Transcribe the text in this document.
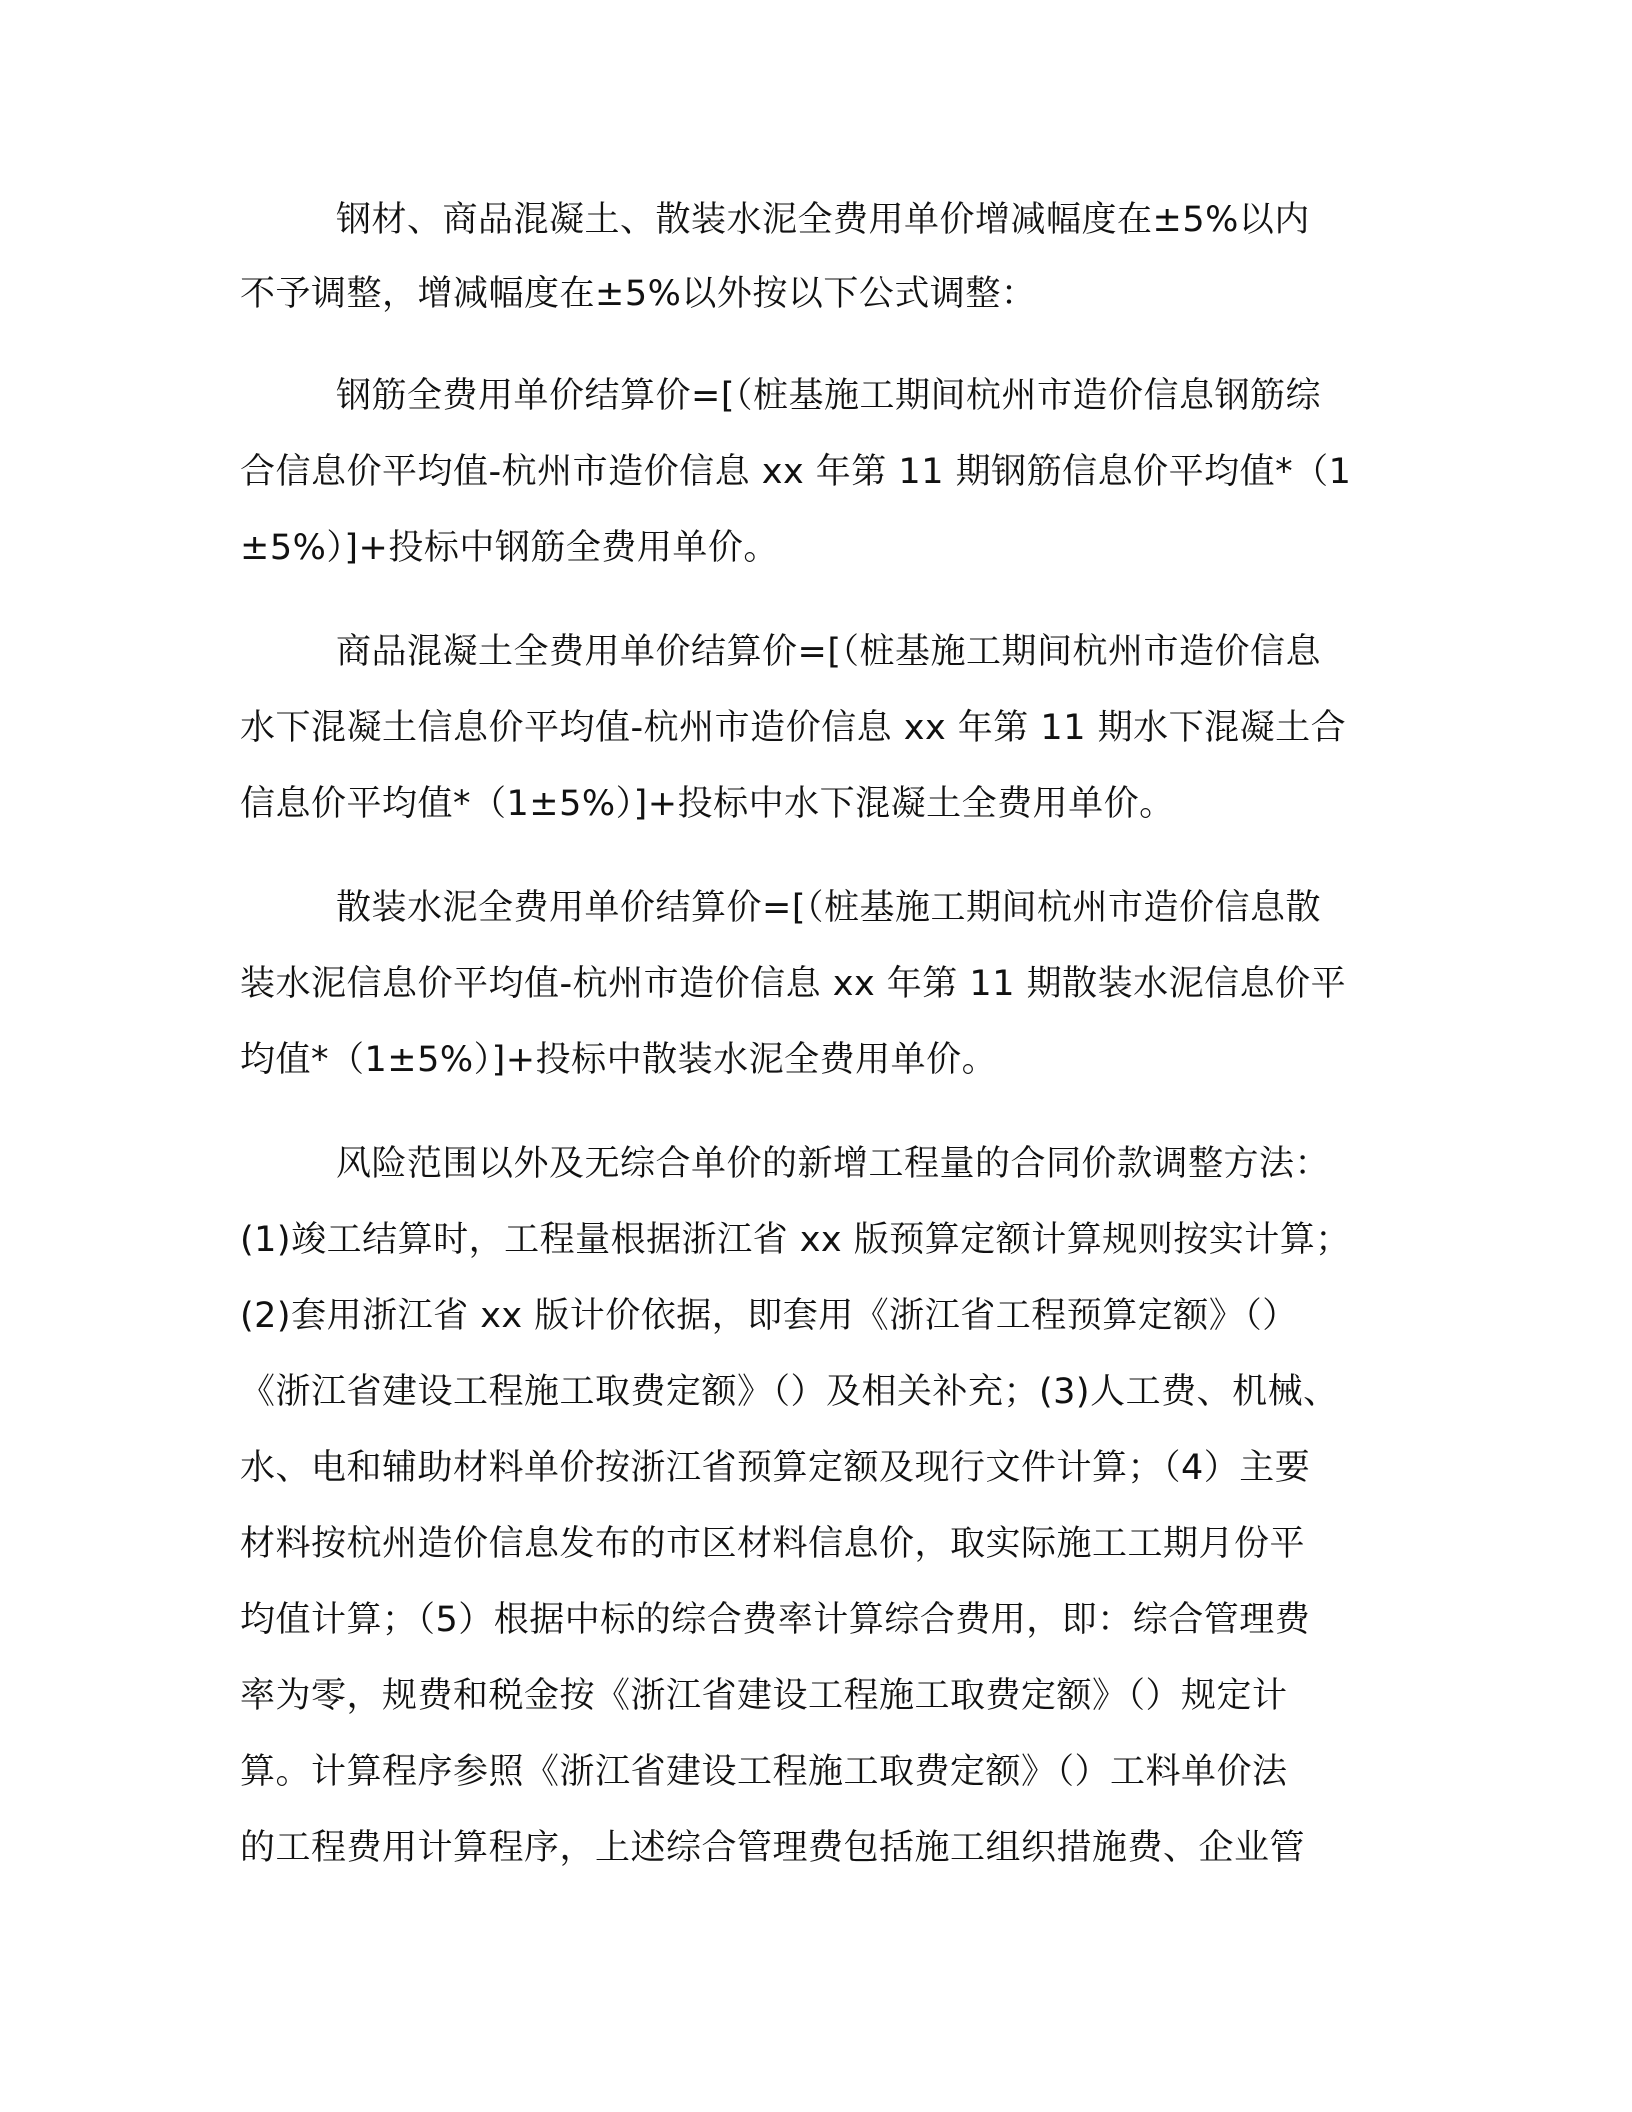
钢材、商品混凝土、散装水泥全费用单价增减幅度在±5%以内
不予调整，增减幅度在±5%以外按以下公式调整：
钢筋全费用单价结算价=[（桩基施工期间杭州市造价信息钢筋综
合信息价平均值-杭州市造价信息 xx 年第 11 期钢筋信息价平均值*（1
±5%）]+投标中钢筋全费用单价。
商品混凝土全费用单价结算价=[（桩基施工期间杭州市造价信息
水下混凝土信息价平均值-杭州市造价信息 xx 年第 11 期水下混凝土合
信息价平均值*（1±5%）]+投标中水下混凝土全费用单价。
散装水泥全费用单价结算价=[（桩基施工期间杭州市造价信息散
装水泥信息价平均值-杭州市造价信息 xx 年第 11 期散装水泥信息价平
均值*（1±5%）]+投标中散装水泥全费用单价。
风险范围以外及无综合单价的新增工程量的合同价款调整方法：
(1)竣工结算时，工程量根据浙江省 xx 版预算定额计算规则按实计算；
(2)套用浙江省 xx 版计价依据，即套用《浙江省工程预算定额》（）
《浙江省建设工程施工取费定额》（）及相关补充；(3)人工费、机械、
水、电和辅助材料单价按浙江省预算定额及现行文件计算；（4）主要
材料按杭州造价信息发布的市区材料信息价，取实际施工工期月份平
均值计算；（5）根据中标的综合费率计算综合费用，即：综合管理费
率为零，规费和税金按《浙江省建设工程施工取费定额》（）规定计
算。计算程序参照《浙江省建设工程施工取费定额》（）工料单价法
的工程费用计算程序，上述综合管理费包括施工组织措施费、企业管
